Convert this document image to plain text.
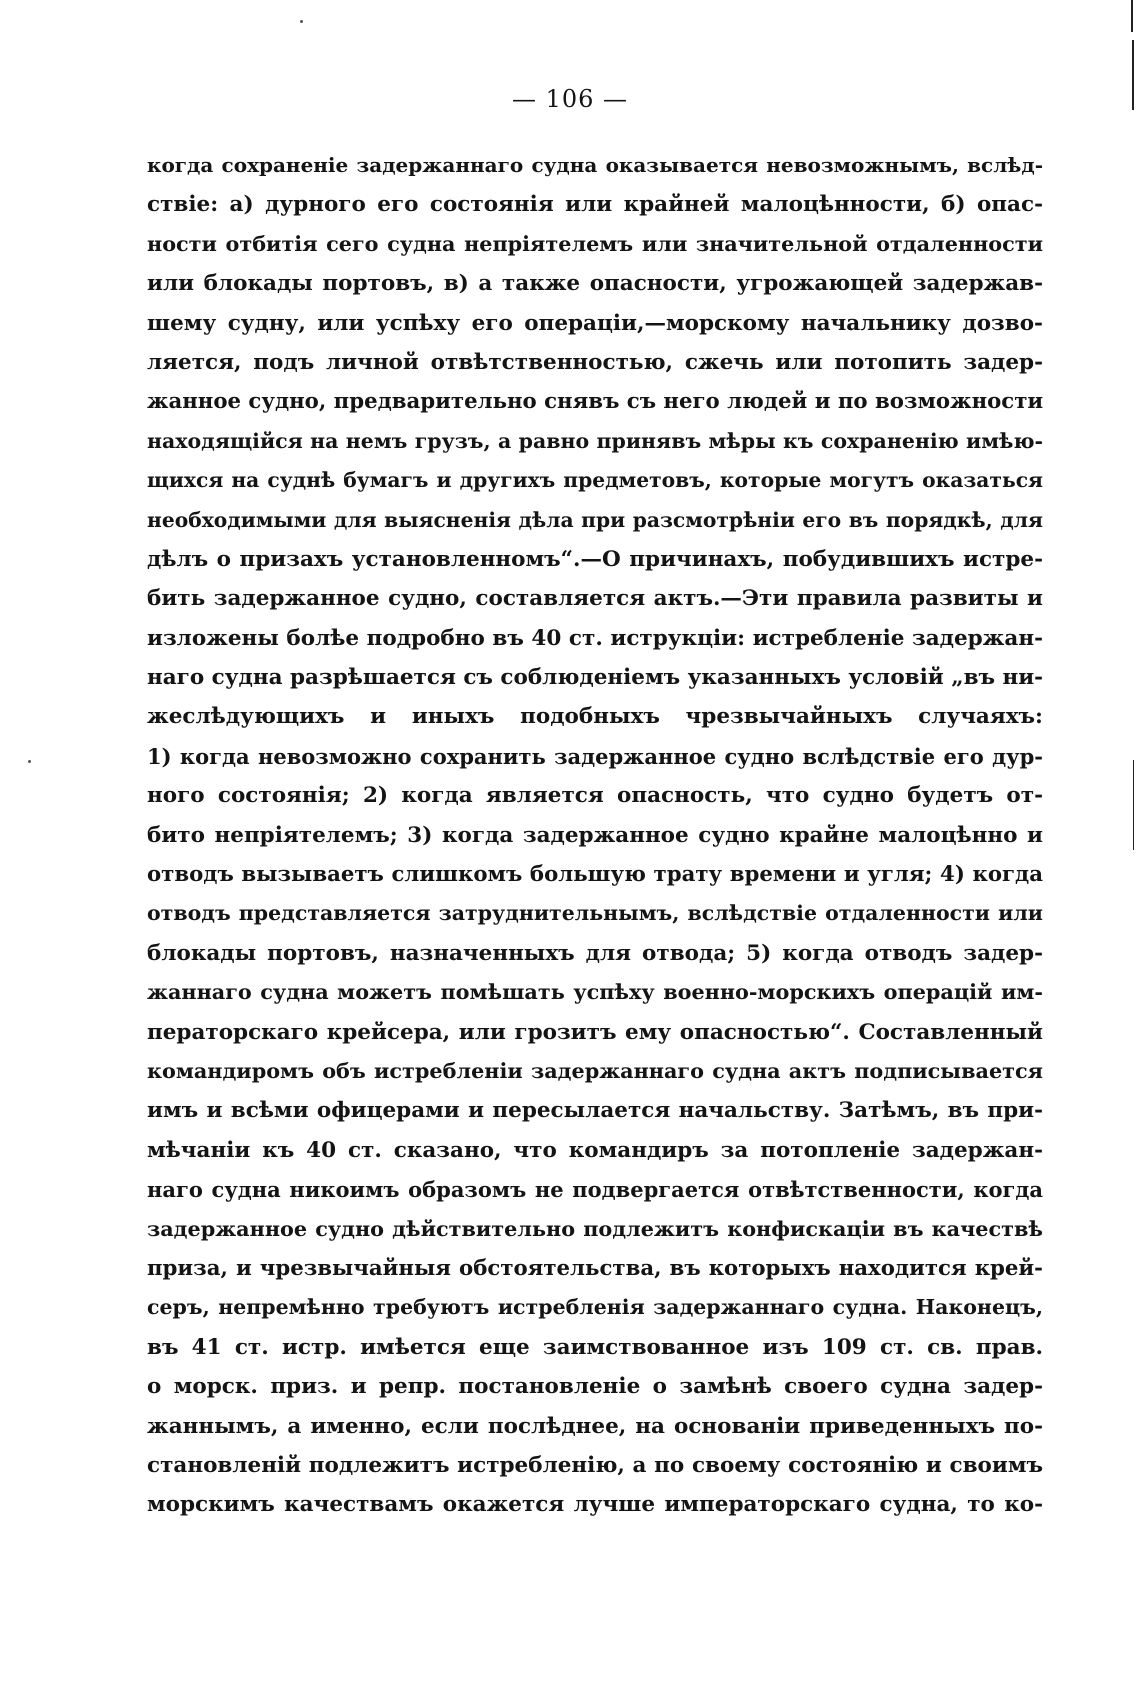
— 106 —
когда сохраненіе задержаннаго судна оказывается невозможнымъ, вслѣд-
ствіе: а) дурного его состоянія или крайней малоцѣнности, б) опас-
ности отбитія сего судна непріятелемъ или значительной отдаленности
или блокады портовъ, в) а также опасности, угрожающей задержав-
шему судну, или успѣху его операціи,—морскому начальнику дозво-
ляется, подъ личной отвѣтственностью, сжечь или потопить задер-
жанное судно, предварительно снявъ съ него людей и по возможности
находящійся на немъ грузъ, а равно принявъ мѣры къ сохраненію имѣю-
щихся на суднѣ бумагъ и другихъ предметовъ, которые могутъ оказаться
необходимыми для выясненія дѣла при разсмотрѣніи его въ порядкѣ, для
дѣлъ о призахъ установленномъ“.—О причинахъ, побудившихъ истре-
бить задержанное судно, составляется актъ.—Эти правила развиты и
изложены болѣе подробно въ 40 ст. иструкціи: истребленіе задержан-
наго судна разрѣшается съ соблюденіемъ указанныхъ условій „въ ни-
жеслѣдующихъ и иныхъ подобныхъ чрезвычайныхъ случаяхъ:
1) когда невозможно сохранить задержанное судно вслѣдствіе его дур-
ного состоянія; 2) когда является опасность, что судно будетъ от-
бито непріятелемъ; 3) когда задержанное судно крайне малоцѣнно и
отводъ вызываетъ слишкомъ большую трату времени и угля; 4) когда
отводъ представляется затруднительнымъ, вслѣдствіе отдаленности или
блокады портовъ, назначенныхъ для отвода; 5) когда отводъ задер-
жаннаго судна можетъ помѣшать успѣху военно-морскихъ операцій им-
ператорскаго крейсера, или грозитъ ему опасностью“. Составленный
командиромъ объ истребленіи задержаннаго судна актъ подписывается
имъ и всѣми офицерами и пересылается начальству. Затѣмъ, въ при-
мѣчаніи къ 40 ст. сказано, что командиръ за потопленіе задержан-
наго судна никоимъ образомъ не подвергается отвѣтственности, когда
задержанное судно дѣйствительно подлежитъ конфискаціи въ качествѣ
приза, и чрезвычайныя обстоятельства, въ которыхъ находится крей-
серъ, непремѣнно требуютъ истребленія задержаннаго судна. Наконецъ,
въ 41 ст. истр. имѣется еще заимствованное изъ 109 ст. св. прав.
о морск. приз. и репр. постановленіе о замѣнѣ своего судна задер-
жаннымъ, а именно, если послѣднее, на основаніи приведенныхъ по-
становленій подлежитъ истребленію, а по своему состоянію и своимъ
морскимъ качествамъ окажется лучше императорскаго судна, то ко-
